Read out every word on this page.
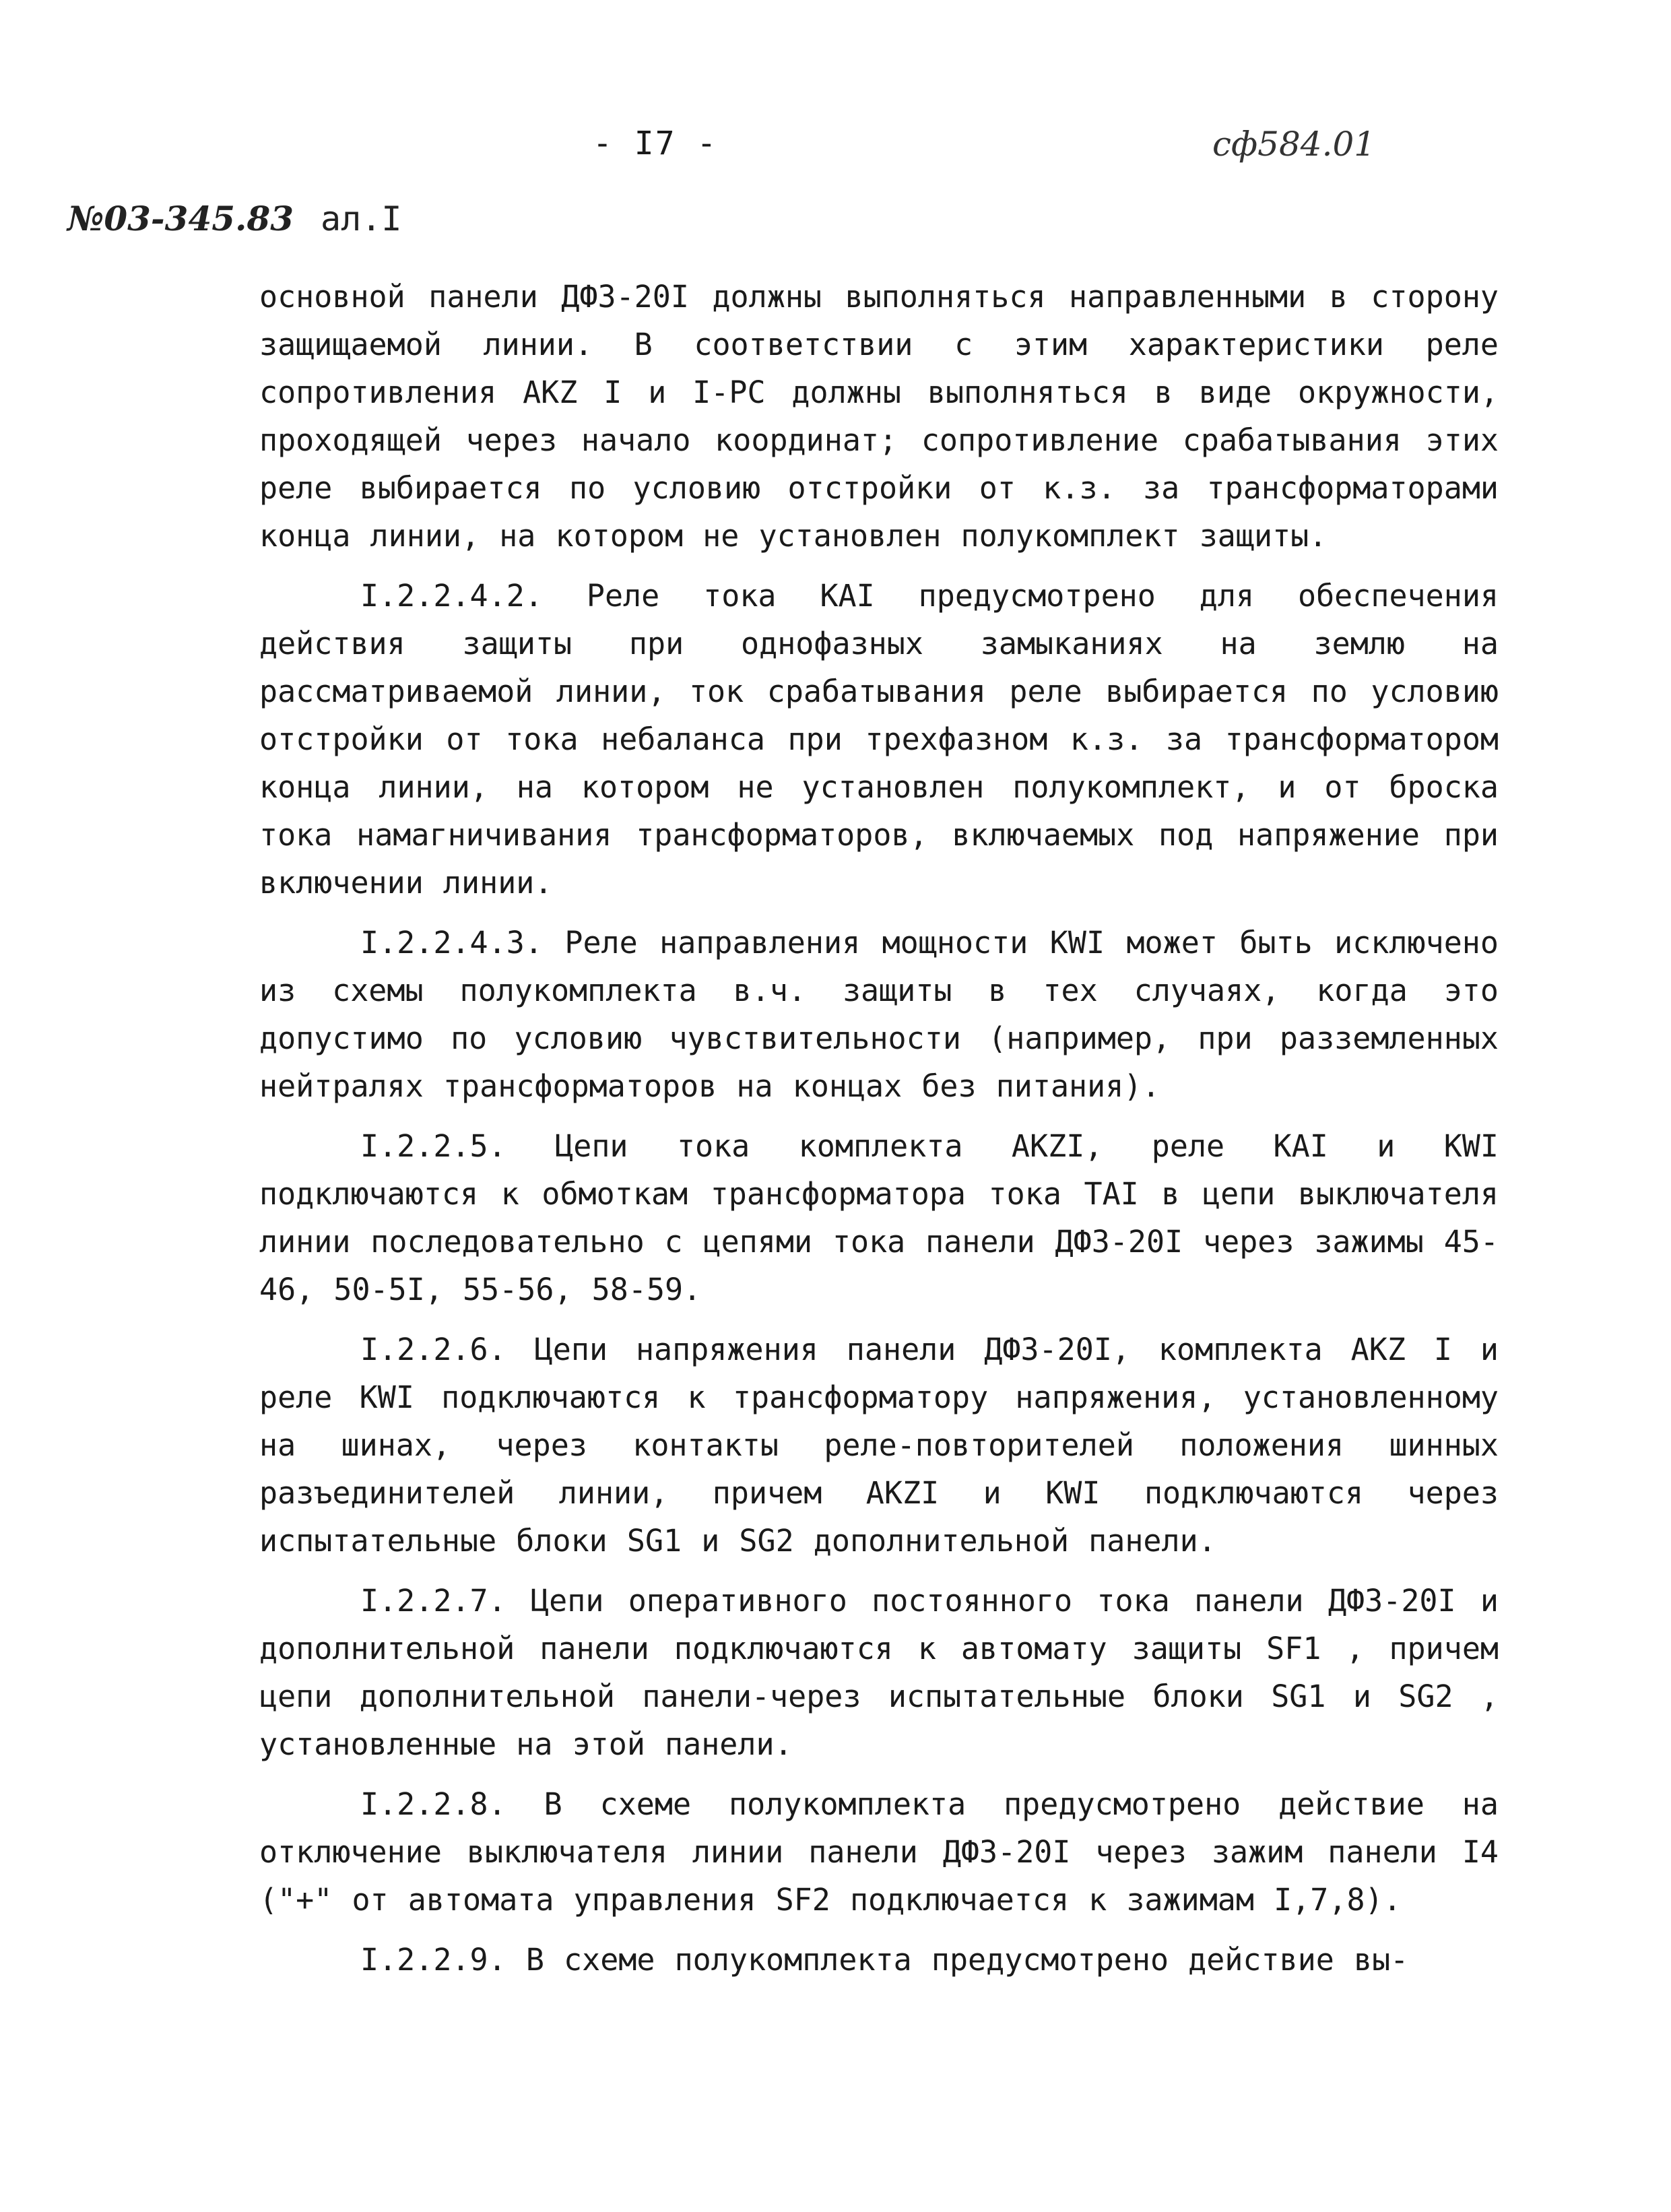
- I7 -	сф584.01
№03-345.83 ал.I

основной панели ДФЗ-20I должны выполняться направленными в сторону защищаемой линии. В соответствии с этим характеристики реле сопротивления AKZ I и I-PC должны выполняться в виде окружности, проходящей через начало координат; сопротивление срабатывания этих реле выбирается по условию отстройки от к.з. за трансформаторами конца линии, на котором не установлен полукомплект защиты.

I.2.2.4.2. Реле тока KAI предусмотрено для обеспечения действия защиты при однофазных замыканиях на землю на рассматриваемой линии, ток срабатывания реле выбирается по условию отстройки от тока небаланса при трехфазном к.з. за трансформатором конца линии, на котором не установлен полукомплект, и от броска тока намагничивания трансформаторов, включаемых под напряжение при включении линии.

I.2.2.4.3. Реле направления мощности KWI может быть исключено из схемы полукомплекта в.ч. защиты в тех случаях, когда это допустимо по условию чувствительности (например, при разземленных нейтралях трансформаторов на концах без питания).

I.2.2.5. Цепи тока комплекта AKZI, реле KAI и KWI подключаются к обмоткам трансформатора тока TAI в цепи выключателя линии последовательно с цепями тока панели ДФЗ-20I через зажимы 45-46, 50-5I, 55-56, 58-59.

I.2.2.6. Цепи напряжения панели ДФЗ-20I, комплекта AKZ I и реле KWI подключаются к трансформатору напряжения, установленному на шинах, через контакты реле-повторителей положения шинных разъединителей линии, причем AKZI и KWI подключаются через испытательные блоки SG1 и SG2 дополнительной панели.

I.2.2.7. Цепи оперативного постоянного тока панели ДФЗ-20I и дополнительной панели подключаются к автомату защиты SF1 , причем цепи дополнительной панели-через испытательные блоки SG1 и SG2 , установленные на этой панели.

I.2.2.8. В схеме полукомплекта предусмотрено действие на отключение выключателя линии панели ДФЗ-20I через зажим панели I4 ("+" от автомата управления SF2 подключается к зажимам I,7,8).

I.2.2.9. В схеме полукомплекта предусмотрено действие вы-
